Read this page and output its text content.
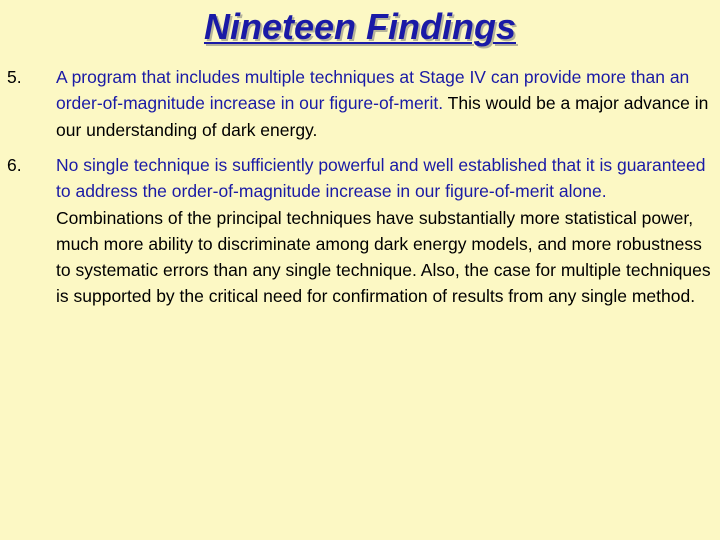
Nineteen Findings
5. A program that includes multiple techniques at Stage IV can provide more than an order-of-magnitude increase in our figure-of-merit. This would be a major advance in our understanding of dark energy.
6. No single technique is sufficiently powerful and well established that it is guaranteed to address the order-of-magnitude increase in our figure-of-merit alone. Combinations of the principal techniques have substantially more statistical power, much more ability to discriminate among dark energy models, and more robustness to systematic errors than any single technique. Also, the case for multiple techniques is supported by the critical need for confirmation of results from any single method.
